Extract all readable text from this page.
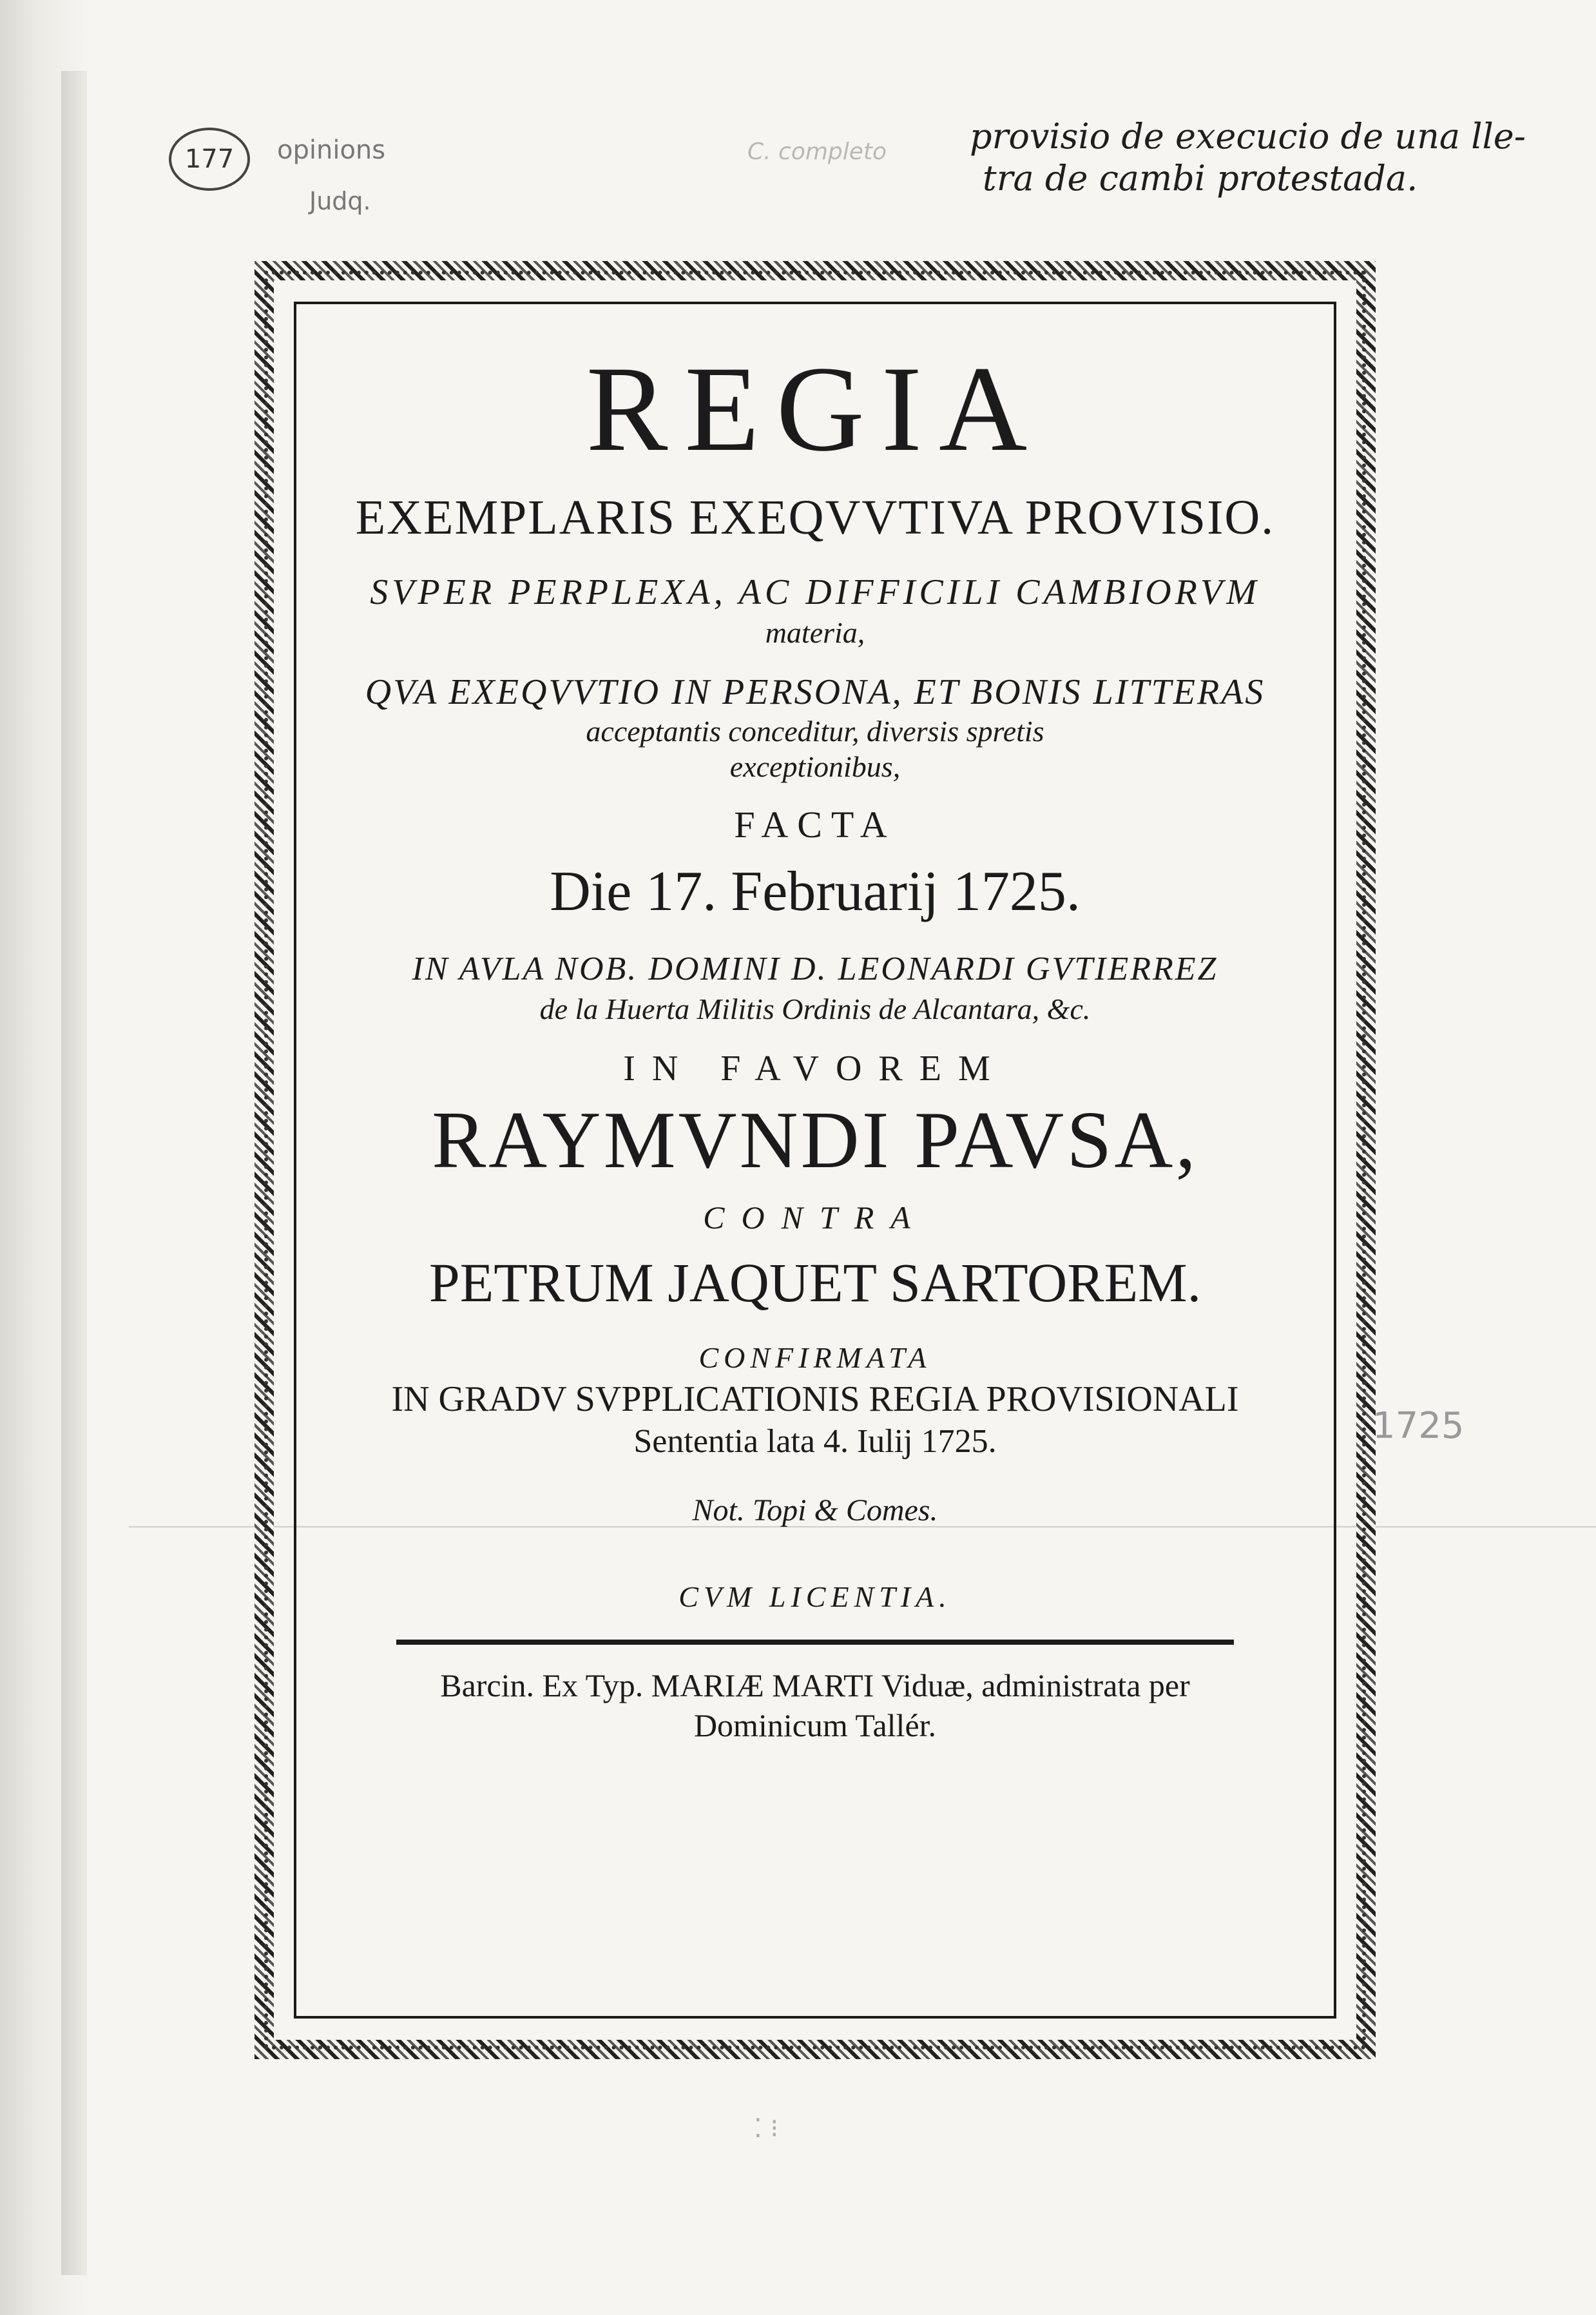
177	opinions
Judq.
C. completo provisio de execucio de una lle-
tra de cambi protestada.
1725
REGIA
EXEMPLARIS EXEQVVTIVA PROVISIO.
SVPER PERPLEXA, AC DIFFICILI CAMBIORVM
materia,
QVA EXEQVVTIO IN PERSONA, ET BONIS LITTERAS
acceptantis conceditur, diversis spretis
exceptionibus,
FACTA
Die 17. Februarij 1725.
IN AVLA NOB. DOMINI D. LEONARDI GVTIERREZ
de la Huerta Militis Ordinis de Alcantara, &c.
IN FAVOREM
RAYMVNDI PAVSA,
CONTRA
PETRUM JAQUET SARTOREM.
CONFIRMATA
IN GRADV SVPPLICATIONIS REGIA PROVISIONALI
Sententia lata 4. Iulij 1725.
Not. Topi & Comes.
CVM LICENTIA.
Barcin. Ex Typ. MARIÆ MARTI Viduæ, administrata per
Dominicum Tallér.
⁚ ⁝
